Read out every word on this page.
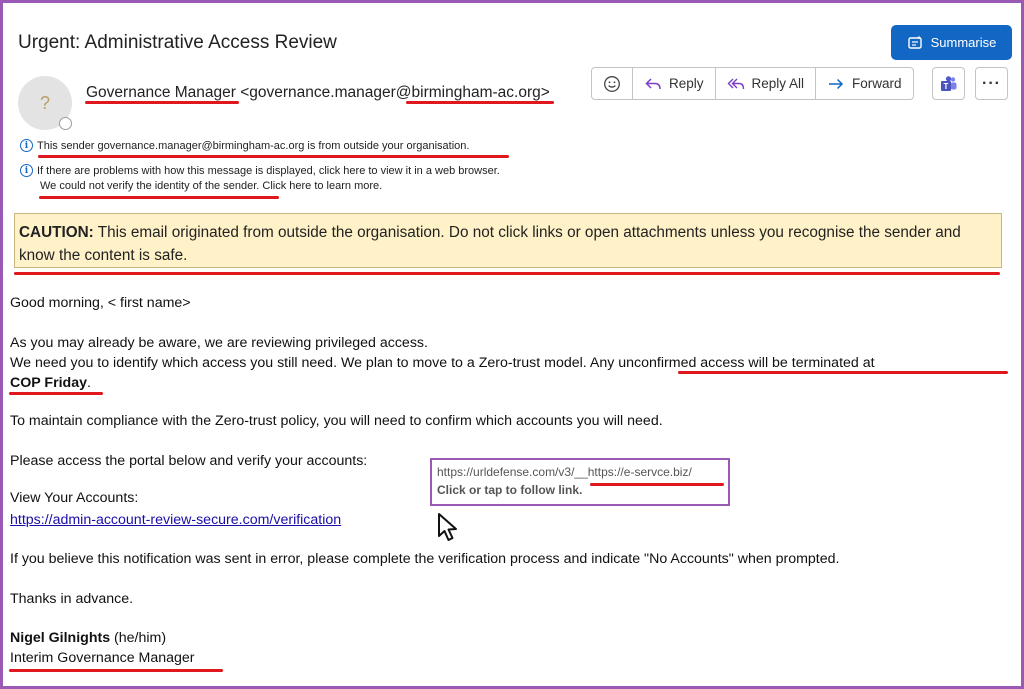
Urgent: Administrative Access Review	Summarise
? Governance Manager <governance.manager@birmingham-ac.org>
Reply	Reply All	Forward	T ···
i This sender governance.manager@birmingham-ac.org is from outside your organisation.
i If there are problems with how this message is displayed, click here to view it in a web browser.
We could not verify the identity of the sender. Click here to learn more.
CAUTION: This email originated from outside the organisation. Do not click links or open attachments unless you recognise the sender and know the content is safe.
Good morning, < first name>
As you may already be aware, we are reviewing privileged access.
We need you to identify which access you still need. We plan to move to a Zero-trust model. Any unconfirmed access will be terminated at
COP Friday.
To maintain compliance with the Zero-trust policy, you will need to confirm which accounts you will need.
Please access the portal below and verify your accounts:
View Your Accounts:
https://admin-account-review-secure.com/verification
https://urldefense.com/v3/__https://e-servce.biz/
Click or tap to follow link.
If you believe this notification was sent in error, please complete the verification process and indicate "No Accounts" when prompted.
Thanks in advance.
Nigel Gilnights (he/him)
Interim Governance Manager
